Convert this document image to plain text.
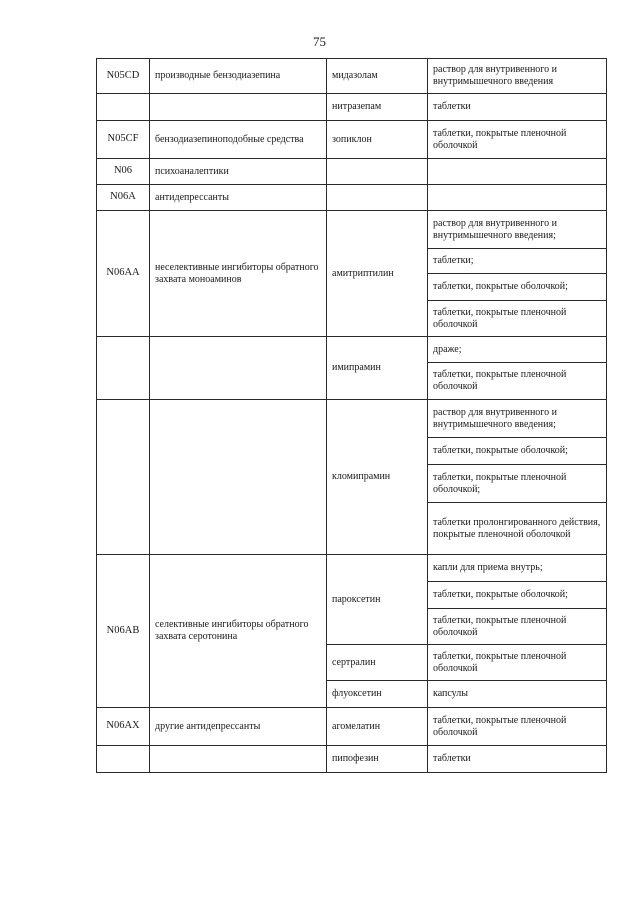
75
N05CD	производные бензодиазепина	мидазолам	раствор для внутривенного и внутримышечного введения
		нитразепам	таблетки
N05CF	бензодиазепиноподобные средства	зопиклон	таблетки, покрытые пленочной оболочкой
N06	психоаналептики		
N06A	антидепрессанты		
N06AA	неселективные ингибиторы обратного захвата моноаминов	амитриптилин	раствор для внутривенного и внутримышечного введения;
			таблетки;
			таблетки, покрытые оболочкой;
			таблетки, покрытые пленочной оболочкой
		имипрамин	драже;
			таблетки, покрытые пленочной оболочкой
		кломипрамин	раствор для внутривенного и внутримышечного введения;
			таблетки, покрытые оболочкой;
			таблетки, покрытые пленочной оболочкой;
			таблетки пролонгированного действия, покрытые пленочной оболочкой
N06AB	селективные ингибиторы обратного захвата серотонина	пароксетин	капли для приема внутрь;
			таблетки, покрытые оболочкой;
			таблетки, покрытые пленочной оболочкой
		сертралин	таблетки, покрытые пленочной оболочкой
		флуоксетин	капсулы
N06AX	другие антидепрессанты	агомелатин	таблетки, покрытые пленочной оболочкой
		пипофезин	таблетки
